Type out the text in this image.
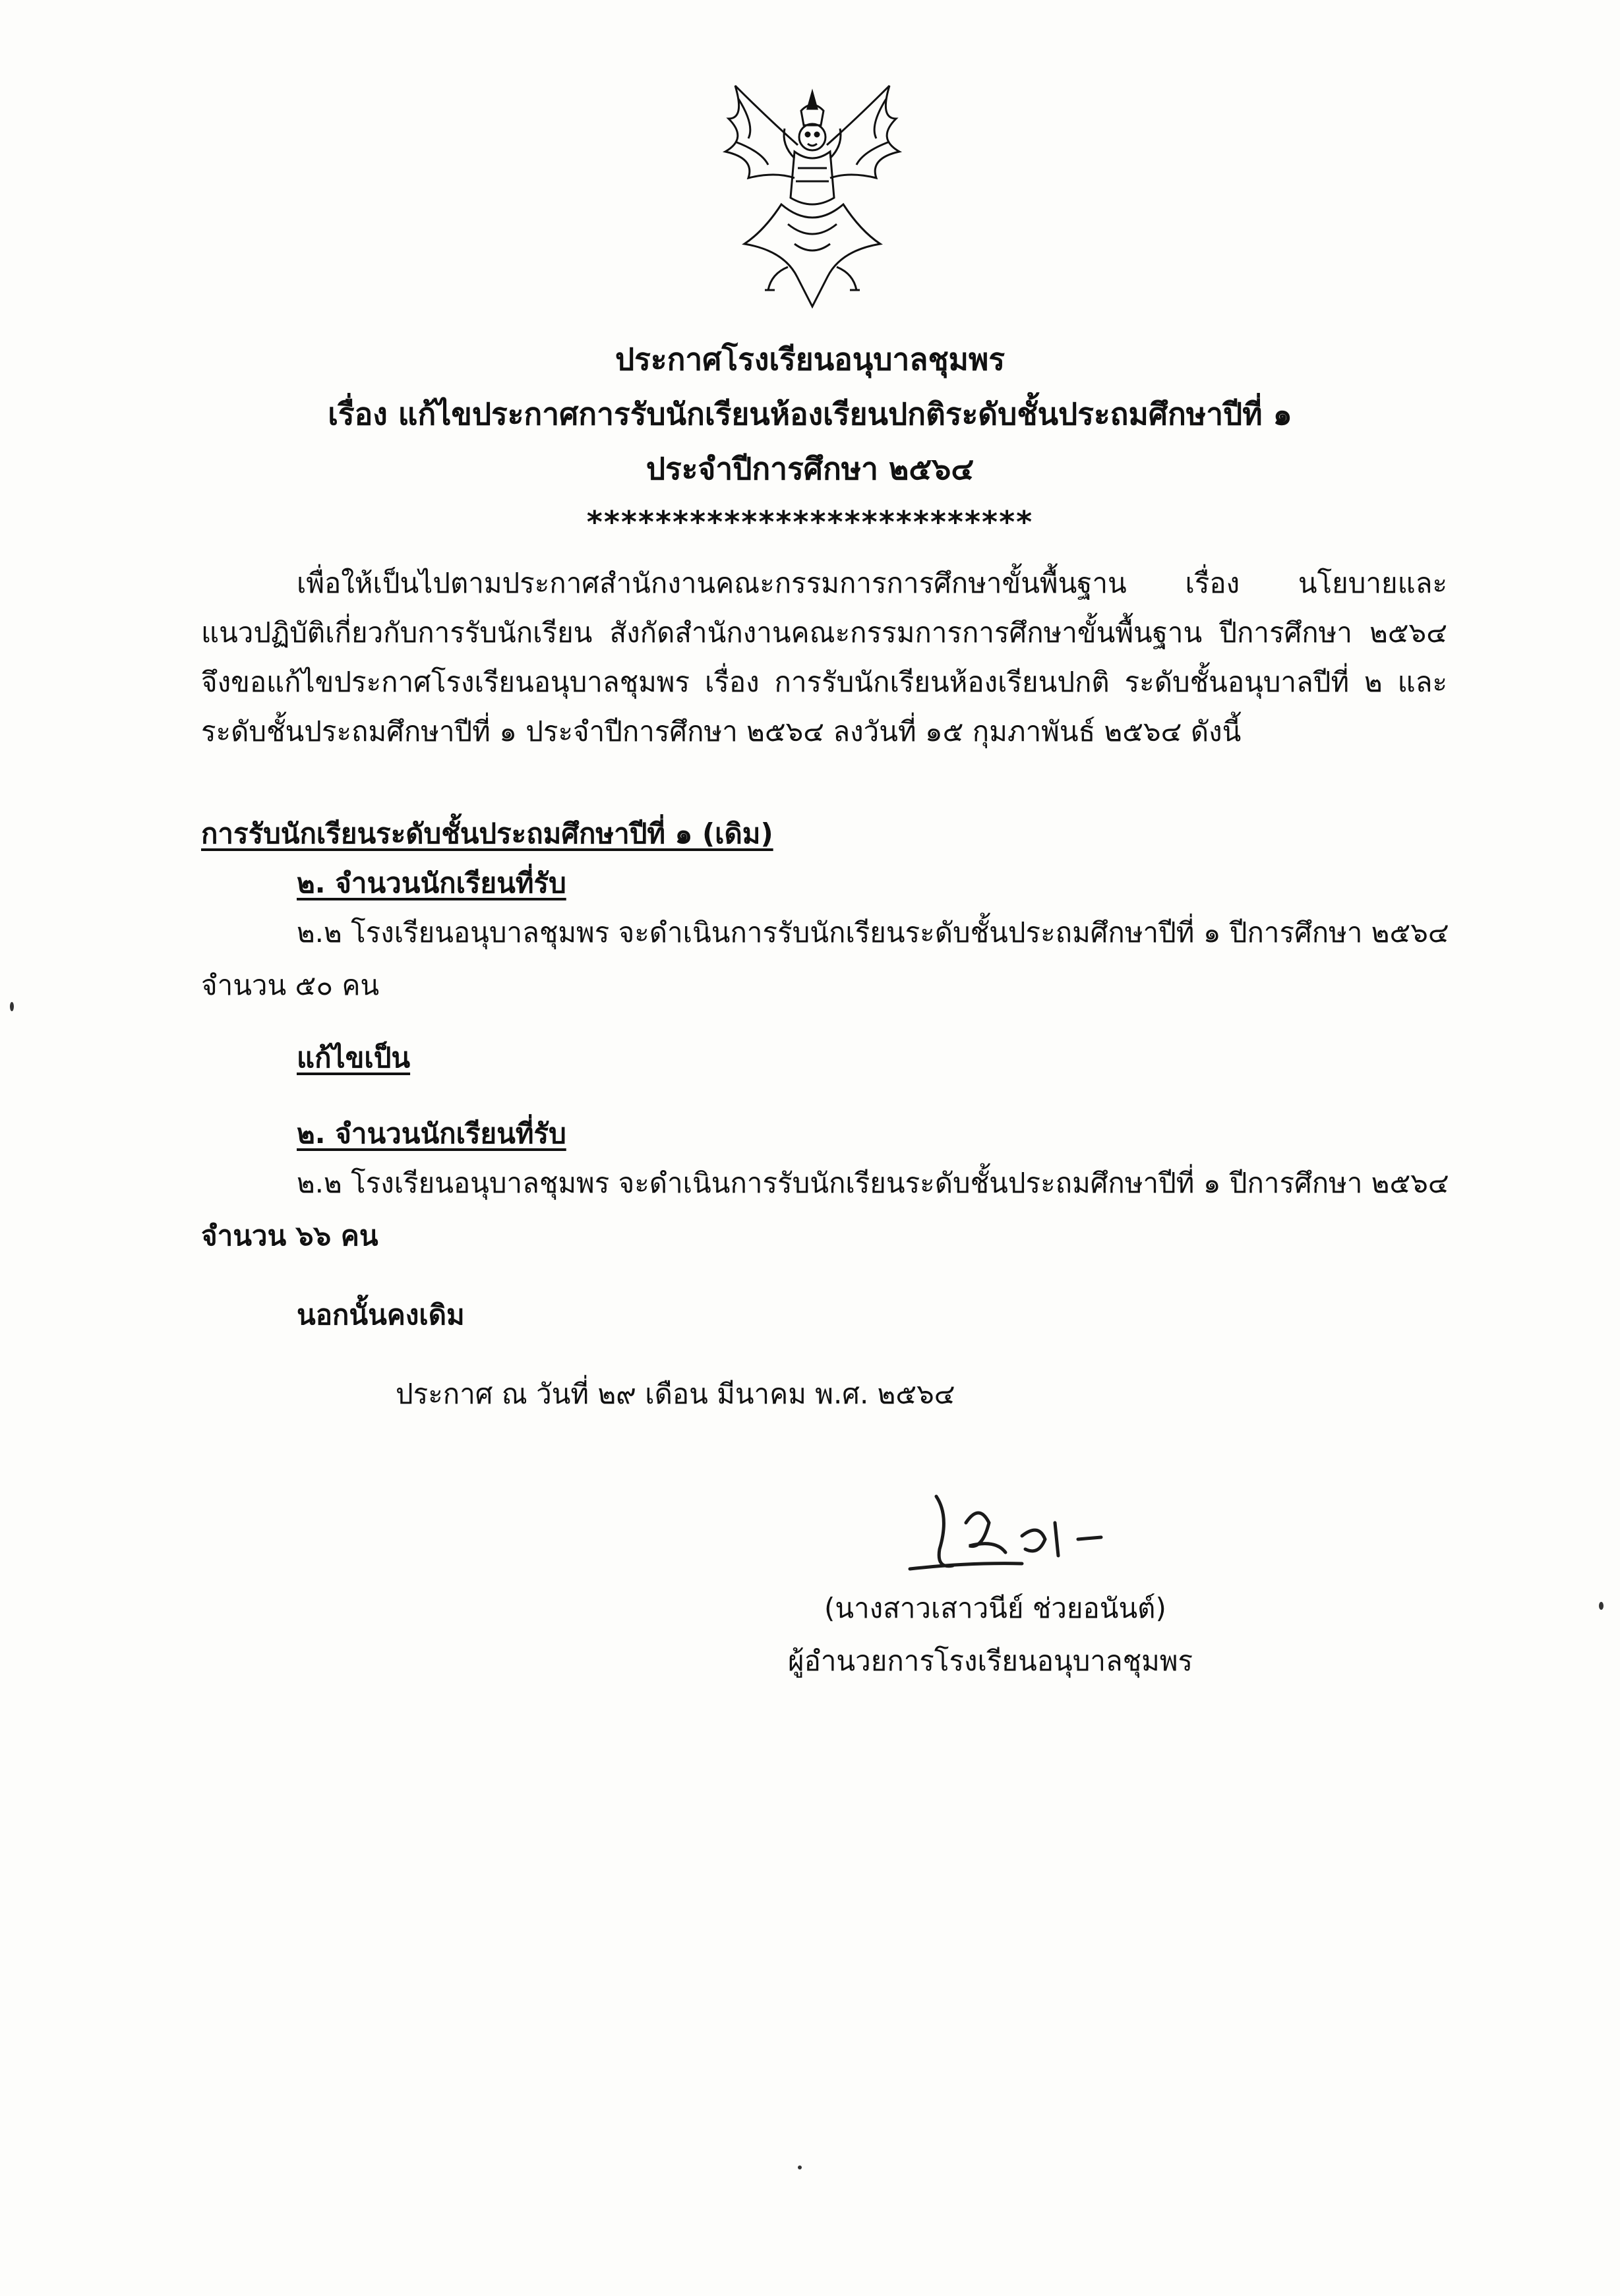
ประกาศโรงเรียนอนุบาลชุมพร
เรื่อง แก้ไขประกาศการรับนักเรียนห้องเรียนปกติระดับชั้นประถมศึกษาปีที่ ๑
ประจำปีการศึกษา ๒๕๖๔
**************************
เพื่อให้เป็นไปตามประกาศสำนักงานคณะกรรมการการศึกษาขั้นพื้นฐาน เรื่อง นโยบายและ
แนวปฏิบัติเกี่ยวกับการรับนักเรียน สังกัดสำนักงานคณะกรรมการการศึกษาขั้นพื้นฐาน ปีการศึกษา ๒๕๖๔
จึงขอแก้ไขประกาศโรงเรียนอนุบาลชุมพร เรื่อง การรับนักเรียนห้องเรียนปกติ ระดับชั้นอนุบาลปีที่ ๒ และ
ระดับชั้นประถมศึกษาปีที่ ๑ ประจำปีการศึกษา ๒๕๖๔ ลงวันที่ ๑๕ กุมภาพันธ์ ๒๕๖๔ ดังนี้
การรับนักเรียนระดับชั้นประถมศึกษาปีที่ ๑ (เดิม)
๒. จำนวนนักเรียนที่รับ
๒.๒ โรงเรียนอนุบาลชุมพร จะดำเนินการรับนักเรียนระดับชั้นประถมศึกษาปีที่ ๑ ปีการศึกษา ๒๕๖๔
จำนวน ๕๐ คน
แก้ไขเป็น
๒. จำนวนนักเรียนที่รับ
๒.๒ โรงเรียนอนุบาลชุมพร จะดำเนินการรับนักเรียนระดับชั้นประถมศึกษาปีที่ ๑ ปีการศึกษา ๒๕๖๔
จำนวน ๖๖ คน
นอกนั้นคงเดิม
ประกาศ ณ วันที่ ๒๙ เดือน มีนาคม พ.ศ. ๒๕๖๔
(นางสาวเสาวนีย์ ช่วยอนันต์)
ผู้อำนวยการโรงเรียนอนุบาลชุมพร
